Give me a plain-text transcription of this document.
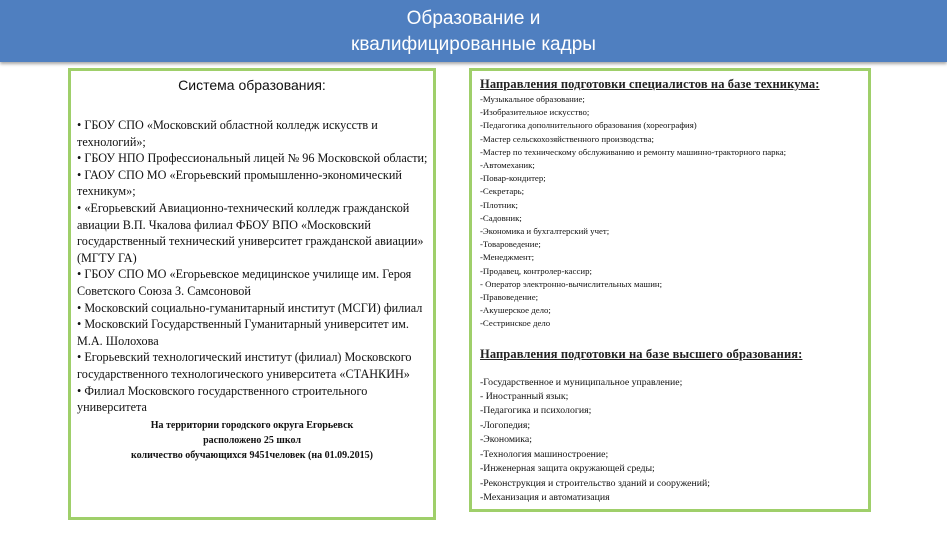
Образование и
квалифицированные кадры
Система образования:
• ГБОУ СПО «Московский областной колледж искусств и технологий»;
• ГБОУ НПО Профессиональный лицей № 96 Московской области;
• ГАОУ СПО МО «Егорьевский промышленно-экономический техникум»;
• «Егорьевский Авиационно-технический колледж гражданской авиации В.П. Чкалова филиал ФБОУ ВПО «Московский государственный технический университет гражданской авиации» (МГТУ ГА)
• ГБОУ СПО МО «Егорьевское медицинское училище им. Героя Советского Союза З. Самсоновой
• Московский социально-гуманитарный институт (МСГИ) филиал
• Московский Государственный Гуманитарный университет им. М.А. Шолохова
• Егорьевский технологический институт (филиал) Московского государственного технологического университета «СТАНКИН»
• Филиал Московского государственного строительного университета
На территории городского округа Егорьевск
расположено 25 школ
количество обучающихся 9451человек (на 01.09.2015)
Направления подготовки специалистов на базе техникума:
-Музыкальное образование;
-Изобразительное искусство;
-Педагогика дополнительного образования (хореография)
-Мастер сельскохозяйственного производства;
-Мастер по техническому обслуживанию и ремонту машинно-тракторного парка;
-Автомеханик;
-Повар-кондитер;
-Секретарь;
-Плотник;
-Садовник;
-Экономика и бухгалтерский учет;
-Товароведение;
-Менеджмент;
-Продавец, контролер-кассир;
- Оператор электронно-вычислительных машин;
-Правоведение;
-Акушерское дело;
-Сестринское дело
Направления подготовки на базе высшего образования:
-Государственное и муниципальное управление;
- Иностранный язык;
-Педагогика и психология;
-Логопедия;
-Экономика;
-Технология машиностроение;
-Инженерная защита окружающей среды;
-Реконструкция и строительство зданий и сооружений;
-Механизация и автоматизация
